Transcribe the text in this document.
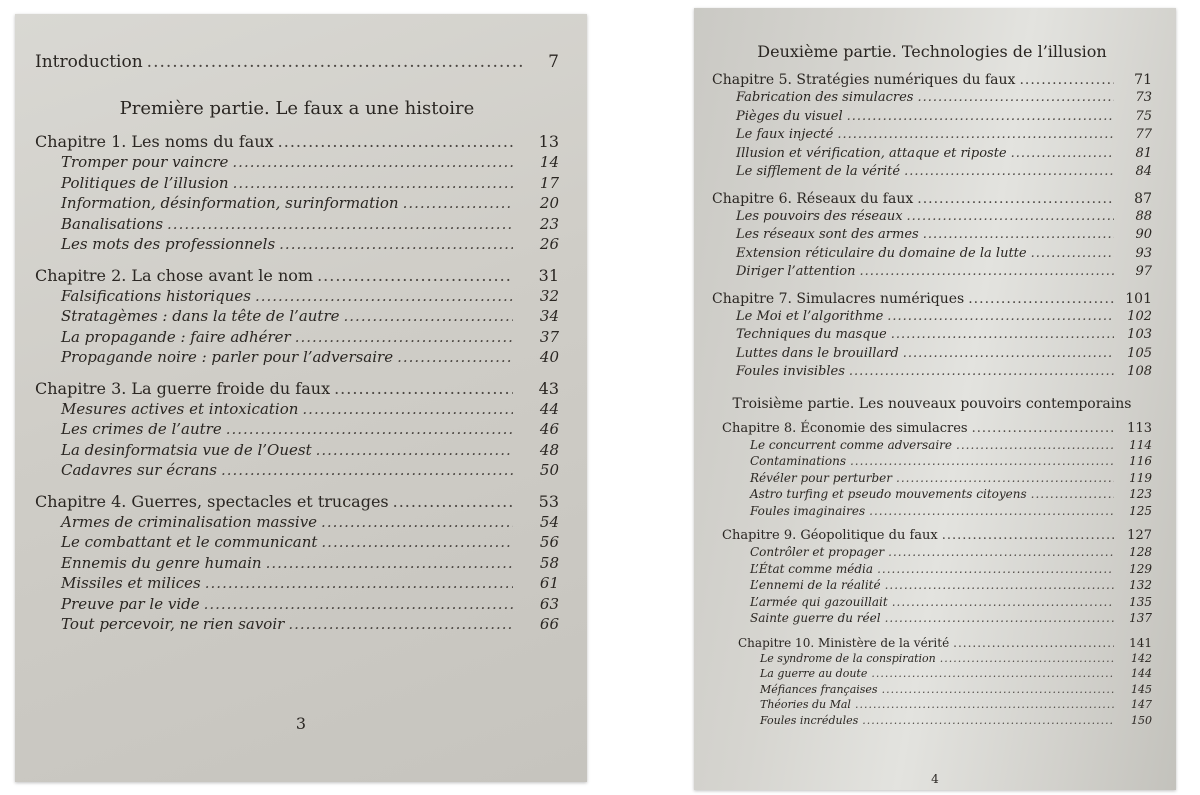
Introduction .....	7
Première partie. Le faux a une histoire
Chapitre 1. Les noms du faux .....	13
Tromper pour vaincre .....	14
Politiques de l’illusion .....	17
Information, désinformation, surinformation .....	20
Banalisations .....	23
Les mots des professionnels .....	26
Chapitre 2. La chose avant le nom .....	31
Falsifications historiques .....	32
Stratagèmes : dans la tête de l’autre .....	34
La propagande : faire adhérer .....	37
Propagande noire : parler pour l’adversaire .....	40
Chapitre 3. La guerre froide du faux .....	43
Mesures actives et intoxication .....	44
Les crimes de l’autre .....	46
La desinformatsia vue de l’Ouest .....	48
Cadavres sur écrans .....	50
Chapitre 4. Guerres, spectacles et trucages .....	53
Armes de criminalisation massive .....	54
Le combattant et le communicant .....	56
Ennemis du genre humain .....	58
Missiles et milices .....	61
Preuve par le vide .....	63
Tout percevoir, ne rien savoir .....	66
3
Deuxième partie. Technologies de l’illusion
Chapitre 5. Stratégies numériques du faux .....	71
Fabrication des simulacres .....	73
Pièges du visuel .....	75
Le faux injecté .....	77
Illusion et vérification, attaque et riposte .....	81
Le sifflement de la vérité .....	84
Chapitre 6. Réseaux du faux .....	87
Les pouvoirs des réseaux .....	88
Les réseaux sont des armes .....	90
Extension réticulaire du domaine de la lutte .....	93
Diriger l’attention .....	97
Chapitre 7. Simulacres numériques .....	101
Le Moi et l’algorithme .....	102
Techniques du masque .....	103
Luttes dans le brouillard .....	105
Foules invisibles .....	108
Troisième partie. Les nouveaux pouvoirs contemporains
Chapitre 8. Économie des simulacres .....	113
Le concurrent comme adversaire .....	114
Contaminations .....	116
Révéler pour perturber .....	119
Astro turfing et pseudo mouvements citoyens .....	123
Foules imaginaires .....	125
Chapitre 9. Géopolitique du faux .....	127
Contrôler et propager .....	128
L’État comme média .....	129
L’ennemi de la réalité .....	132
L’armée qui gazouillait .....	135
Sainte guerre du réel .....	137
Chapitre 10. Ministère de la vérité .....	141
Le syndrome de la conspiration .....	142
La guerre au doute .....	144
Méfiances françaises .....	145
Théories du Mal .....	147
Foules incrédules .....	150
4
